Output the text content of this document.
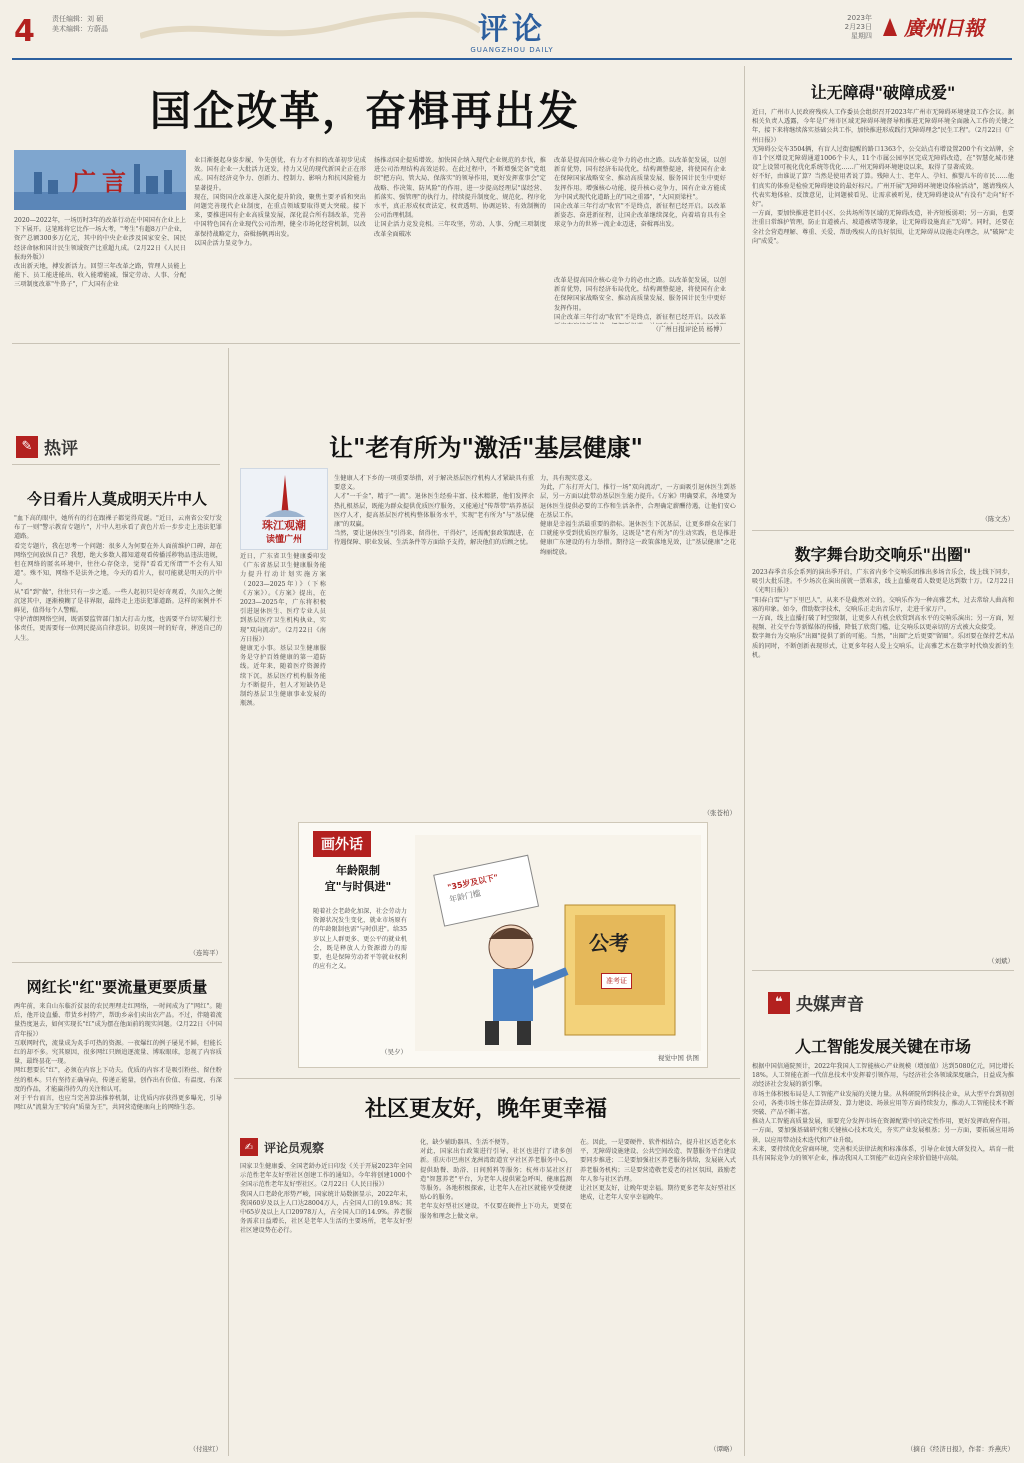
4 责任编辑：刘 硕
美术编辑：方蔚晶	评论
GUANGZHOU DAILY
2023年
2月23日
星期四 廣州日報
国企改革，奋楫再出发
广言
2020—2022年，一场历时3年的改革行动在中国国有企业上上下下展开。这笔账将它比作一场大考，"考生"有超8万户企业，资产总额300多万亿元，其中的中央企业涉及国家安全、国民经济命脉和国计民生领域资产比重超九成。（2月22日《人民日报海外版》）
改出新天地，搏发新活力。回望三年改革之路，管理人员能上能下、员工能进能出、收入能增能减，锚定劳动、人事、分配三项制度改革"牛鼻子"，广大国有企业
业目渐挺起身姿步履、争先创优，有力才有担的改革初步见成效。国有企业一大批活力迸发，持力又见的现代新国企正在形成。国有经济竞争力、创新力、控制力、影响力和抗风险能力显著提升。
现在，国资国企改革进入深化提升阶段，聚焦主要矛盾和突出问题完善现代企业制度，在重点领域要取得更大突破。接下来，要推进国有企业高质量发展，深化混合所有制改革，完善中国特色国有企业现代公司治理，健全市场化经营机制，以改革保持战略定力，奋楫扬帆再出发。
以国企活力显竞争力。
扬推动国企提质增效。加快国企纳入现代企业规范的步伐，推进公司治理结构高效运转。在此过程中，不断增强完备"党组织"把方向、管大局、保落实"的领导作用，更好发挥董事会"定战略、作决策、防风险"的作用，进一步提高经理层"谋经营、抓落实、强管理"的执行力，持续提升制度化、规范化、程序化水平，真正形成权责法定、权责透明、协调运转、有效制衡的公司治理机制。
让国企活力竞发竞相。三年攻坚，劳动、人事、分配三项制度改革全面破冰
改革是提高国企核心竞争力的必由之路。以改革促发展，以创新育优势，国有经济布局优化，结构调整提速，将使国有企业在保障国家战略安全、推动高质量发展、服务国计民生中更好发挥作用。增强核心功能、提升核心竞争力，国有企业方能成为中国式现代化道路上的"国之重器"，"大国顶梁柱"。
国企改革三年行动"收官"不是终点，新征程已经开启。以改革新姿态、奋进新征程，让国企改革继续深化，向着培育具有全球竞争力的世界一流企业迈进，奋楫再出发。
改革是提高国企核心竞争力的必由之路。以改革促发展，以创新育优势，国有经济布局优化，结构调整提速，将使国有企业在保障国家战略安全、推动高质量发展、服务国计民生中更好发挥作用。
国企改革三年行动"收官"不是终点，新征程已经开启。以改革
（广州日报评论员 杨博）
让无障碍"破障成爱"
近日，广州市人民政府残疾人工作委员会组织召开2023年广州市无障碍环境建设工作会议。据相关负责人透露，今年是广州市区域无障碍环境督导和推进无障碍环境全面融入工作的关键之年，接下来将继续落实基础公共工作，加快推进形成践行无障碍理念"民生工程"。（2月22日《广州日报》）
无障碍公交车3504辆，有盲人过街提醒的路口1363个，公交站点有增设置200个有文站牌，全市1个区增设无障碍通道1006个卡人，11个市属公园享区完成无障碍改造，在"智慧化城市建设"上设置可视化优化系统等优化……广州无障碍环境建设以来，取得了显著成效。
好不好，由谁说了算？当然是使用者说了算。残障人士、老年人、孕妇、推婴儿车的市民……他们真实的体验是检验无障碍建设的最好标尺。广州开展"无障碍环境建设体验活动"，邀请残疾人代表实地体验、反馈意见，让问题被看见、让需求被听见，使无障碍建设从"有没有"走向"好不好"。
一方面，要加快推进老旧小区、公共场所等区域的无障碍改造，补齐短板弱项；另一方面，也要注重日常维护管理，防止盲道被占、坡道被堵等现象，让无障碍设施真正"无碍"。同时，还要在全社会营造理解、尊重、关爱、帮助残疾人的良好氛围，让无障碍从设施走向理念，从"破障"走向"成爱"。
（陈文杰）
数字舞台助交响乐"出圈"
2023春季音乐会系列的演出季开启，广东省内多个交响乐团推出多场音乐会，线上线下同步，吸引大批乐迷。不少场次在演出前就一票难求，线上直播观看人数更是达到数十万。（2月22日《光明日报》）
"阳春白雪"与"下里巴人"，从来不是截然对立的。交响乐作为一种高雅艺术，过去常给人曲高和寡的印象。如今，借助数字技术，交响乐正走出音乐厅，走进千家万户。
一方面，线上直播打破了时空限制，让更多人有机会欣赏到高水平的交响乐演出；另一方面，短视频、社交平台等新媒体的传播，降低了欣赏门槛，让交响乐以更亲切的方式被大众接受。
数字舞台为交响乐"出圈"提供了新的可能。当然，"出圈"之后更要"留圈"。乐团要在保持艺术品质的同时，不断创新表现形式，让更多年轻人爱上交响乐，让高雅艺术在数字时代焕发新的生机。
（刘斌）
❝ 央媒声音
人工智能发展关键在市场
根据中国信通院预计，2022年我国人工智能核心产业规模（增加值）达到5080亿元，同比增长18%。人工智能在新一代信息技术中发挥着引领作用，与经济社会各领域深度融合，日益成为推动经济社会发展的新引擎。
市场主体积极布局是人工智能产业发展的关键力量。从科研院所到科技企业，从大型平台到初创公司，各类市场主体在算法研发、算力建设、场景应用等方面持续发力，推动人工智能技术不断突破、产品不断丰富。
推动人工智能高质量发展，需要充分发挥市场在资源配置中的决定性作用，更好发挥政府作用。一方面，要加强基础研究和关键核心技术攻关，夯实产业发展根基；另一方面，要拓展应用场景，以应用带动技术迭代和产业升级。
未来，要持续优化营商环境，完善相关法律法规和标准体系，引导企业加大研发投入，培育一批具有国际竞争力的领军企业，推动我国人工智能产业迈向全球价值链中高端。
（摘自《经济日报》，作者：乔燕庆）
✎ 热评
今日看片人莫成明天片中人
"血下高的眼中，她所有的行在跟裸子都觉得荒诞。"近日，云南省公安厅发布了一则"警示教育专题片"，片中人坦承看了黄色片后一步步走上违法犯罪道路。
看完专题片，我在思考一个问题：很多人为何要在外人面前维护口碑，却在网络空间放纵自己？我想，绝大多数人都知道观看传播淫秽物品违法违规，但在网络的匿名环境中，往往心存侥幸，觉得"看看无所谓""不会有人知道"。殊不知，网络不是法外之地，今天的看片人，很可能就是明天的片中人。
从"看"到"做"，往往只有一步之遥。一些人起初只是好奇观看，久而久之便沉迷其中，逐渐模糊了是非界限，最终走上违法犯罪道路。这样的案例并不鲜见，值得每个人警醒。
守护清朗网络空间，既需要监管部门加大打击力度，也需要平台切实履行主体责任，更需要每一位网民提高自律意识。切莫因一时的好奇，葬送自己的人生。
（连筠平）
网红长"红"要流量更要质量
两年前，来自山东临沂贫县的农民理理走红网络，一时间成为了"网红"。随后，他开设直播、带货乡村特产，帮助乡亲们卖出农产品。不过，伴随着流量热度退去，如何实现长"红"成为摆在他面前的现实问题。（2月22日《中国青年报》）
互联网时代，流量成为炙手可热的资源。一夜爆红的例子屡见不鲜，但能长红的却不多。究其原因，很多网红只顾追逐流量、博取眼球，忽视了内容质量，最终昙花一现。
网红想要长"红"，必须在内容上下功夫。优质的内容才是吸引粉丝、留住粉丝的根本。只有坚持正确导向，传递正能量，创作出有价值、有温度、有深度的作品，才能赢得持久的关注和认可。
对于平台而言，也应当完善算法推荐机制，让优质内容获得更多曝光，引导网红从"流量为王"转向"质量为王"，共同营造健康向上的网络生态。
（付迎红）
让"老有所为"激活"基层健康"
珠江观潮
读懂广州
近日，广东省卫生健康委印发《广东省基层卫生健康服务能力提升行动计划实施方案（2023—2025年）》（下称《方案》）。《方案》提出，在2023—2025年，广东将积极引进退休医生、医疗专业人员到基层医疗卫生机构执业，实现"双向流动"。（2月22日《南方日报》）
健康无小事。基层卫生健康服务是守护百姓健康的第一道防线。近年来，随着医疗资源持续下沉，基层医疗机构服务能力不断提升，但人才短缺仍是制约基层卫生健康事业发展的瓶颈。
生健康人才下乡的一项重要举措，对于解决基层医疗机构人才紧缺具有重要意义。
人才"一千金"，精于"一流"。退休医生经验丰富、技术精湛，他们发挥余热扎根基层，既能为群众提供优质医疗服务，又能通过"传帮带"培养基层医疗人才，提高基层医疗机构整体服务水平，实现"老有所为"与"基层健康"的双赢。
当然，要让退休医生"引得来、留得住、干得好"，还需配套政策跟进，在待遇保障、职业发展、生活条件等方面给予支持，解决他们的后顾之忧。
力，具有现实意义。
为此，广东打开大门，推行一场"双向流动"，一方面吸引退休医生到基层，另一方面以此带动基层医生能力提升。《方案》明确要求，各地要为退休医生提供必要的工作和生活条件，合理确定薪酬待遇，让他们安心在基层工作。
健康是幸福生活最重要的指标。退休医生下沉基层，让更多群众在家门口就能享受到优质医疗服务，这既是"老有所为"的生动实践，也是推进健康广东建设的有力举措。期待这一政策落地见效，让"基层健康"之花绚丽绽放。
（张苍柏）
画外话
年龄限制
宜"与时俱进"
随着社会老龄化加深，社会劳动力资源状况发生变化，就业市场原有的年龄限制也需"与时俱进"。给35岁以上人群更多、更公平的就业机会，既是释放人力资源潜力的需要，也是保障劳动者平等就业权利的应有之义。
（吴夕）
"35岁及以下"
年龄门槛
公考
准考证
视觉中国 供图
社区更友好，晚年更幸福
✍ 评论员观察
国家卫生健康委、全国老龄办近日印发《关于开展2023年全国示范性老年友好型社区创建工作的通知》。今年将创建1000个全国示范性老年友好型社区。（2月22日《人民日报》）
我国人口老龄化形势严峻，国家统计局数据显示，2022年末，我国60岁及以上人口达28004万人，占全国人口的19.8%；其中65岁及以上人口20978万人，占全国人口的14.9%。养老服务需求日益增长，社区是老年人生活的主要场所，老年友好型社区建设势在必行。
化，缺少辅助器具、生活不便等。
对此，国家出台政策进行引导，社区也进行了诸多创新。重庆市巴南区龙洲湾街道宜亨社区养老服务中心，提供助餐、助浴、日间照料等服务；杭州市某社区打造"智慧养老"平台，为老年人提供紧急呼叫、健康监测等服务。各地积极探索，让老年人在社区就能享受便捷贴心的服务。
老年友好型社区建设，不仅要在硬件上下功夫，更要在服务和理念上做文章。
在。因此，一是要硬件、软件相结合，提升社区适老化水平，无障碍设施建设、公共空间改造、智慧服务平台建设要同步推进；二是要加强社区养老服务供给，发展嵌入式养老服务机构；三是要营造敬老爱老的社区氛围，鼓励老年人参与社区治理。
让社区更友好，让晚年更幸福。期待更多老年友好型社区建成，让老年人安享幸福晚年。
（谭略）
